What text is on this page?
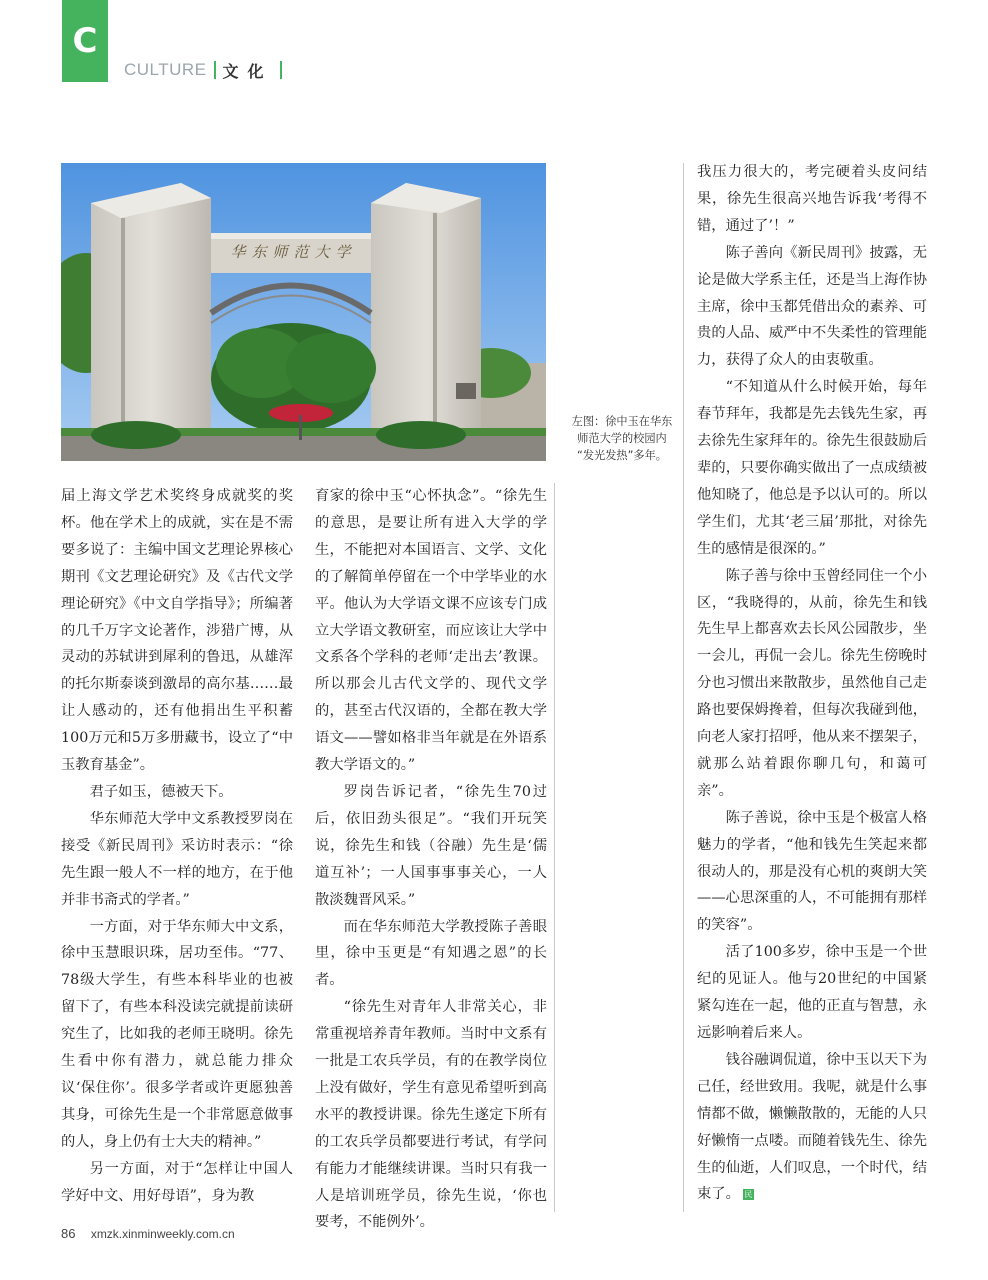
C
CULTURE 文化
华东师范大学
左图：徐中玉在华东
师范大学的校园内
“发光发热”多年。

届上海文学艺术奖终身成就奖的奖杯。他在学术上的成就，实在是不需要多说了：主编中国文艺理论界核心期刊《文艺理论研究》及《古代文学理论研究》《中文自学指导》；所编著的几千万字文论著作，涉猎广博，从灵动的苏轼讲到犀利的鲁迅，从雄浑的托尔斯泰谈到激昂的高尔基……最让人感动的，还有他捐出生平积蓄100万元和5万多册藏书，设立了“中玉教育基金”。

君子如玉，德被天下。

华东师范大学中文系教授罗岗在接受《新民周刊》采访时表示：“徐先生跟一般人不一样的地方，在于他并非书斋式的学者。”

一方面，对于华东师大中文系，徐中玉慧眼识珠，居功至伟。“77、78级大学生，有些本科毕业的也被留下了，有些本科没读完就提前读研究生了，比如我的老师王晓明。徐先生看中你有潜力，就总能力排众议‘保住你’。很多学者或许更愿独善其身，可徐先生是一个非常愿意做事的人，身上仍有士大夫的精神。”

另一方面，对于“怎样让中国人学好中文、用好母语”，身为教

育家的徐中玉“心怀执念”。“徐先生的意思，是要让所有进入大学的学生，不能把对本国语言、文学、文化的了解简单停留在一个中学毕业的水平。他认为大学语文课不应该专门成立大学语文教研室，而应该让大学中文系各个学科的老师‘走出去’教课。所以那会儿古代文学的、现代文学的，甚至古代汉语的，全都在教大学语文——譬如格非当年就是在外语系教大学语文的。”

罗岗告诉记者，“徐先生70过后，依旧劲头很足”。“我们开玩笑说，徐先生和钱（谷融）先生是‘儒道互补’；一人国事事事关心，一人散淡魏晋风采。”

而在华东师范大学教授陈子善眼里，徐中玉更是“有知遇之恩”的长者。

“徐先生对青年人非常关心，非常重视培养青年教师。当时中文系有一批是工农兵学员，有的在教学岗位上没有做好，学生有意见希望听到高水平的教授讲课。徐先生遂定下所有的工农兵学员都要进行考试，有学问有能力才能继续讲课。当时只有我一人是培训班学员，徐先生说，‘你也要考，不能例外’。

我压力很大的，考完硬着头皮问结果，徐先生很高兴地告诉我‘考得不错，通过了’！”

陈子善向《新民周刊》披露，无论是做大学系主任，还是当上海作协主席，徐中玉都凭借出众的素养、可贵的人品、威严中不失柔性的管理能力，获得了众人的由衷敬重。

“不知道从什么时候开始，每年春节拜年，我都是先去钱先生家，再去徐先生家拜年的。徐先生很鼓励后辈的，只要你确实做出了一点成绩被他知晓了，他总是予以认可的。所以学生们，尤其‘老三届’那批，对徐先生的感情是很深的。”

陈子善与徐中玉曾经同住一个小区，“我晓得的，从前，徐先生和钱先生早上都喜欢去长风公园散步，坐一会儿，再侃一会儿。徐先生傍晚时分也习惯出来散散步，虽然他自己走路也要保姆搀着，但每次我碰到他，向老人家打招呼，他从来不摆架子，就那么站着跟你聊几句，和蔼可亲”。

陈子善说，徐中玉是个极富人格魅力的学者，“他和钱先生笑起来都很动人的，那是没有心机的爽朗大笑——心思深重的人，不可能拥有那样的笑容”。

活了100多岁，徐中玉是一个世纪的见证人。他与20世纪的中国紧紧勾连在一起，他的正直与智慧，永远影响着后来人。

钱谷融调侃道，徐中玉以天下为己任，经世致用。我呢，就是什么事情都不做，懒懒散散的，无能的人只好懒惰一点喽。而随着钱先生、徐先生的仙逝，人们叹息，一个时代，结束了。 民

86 xmzk.xinminweekly.com.cn
